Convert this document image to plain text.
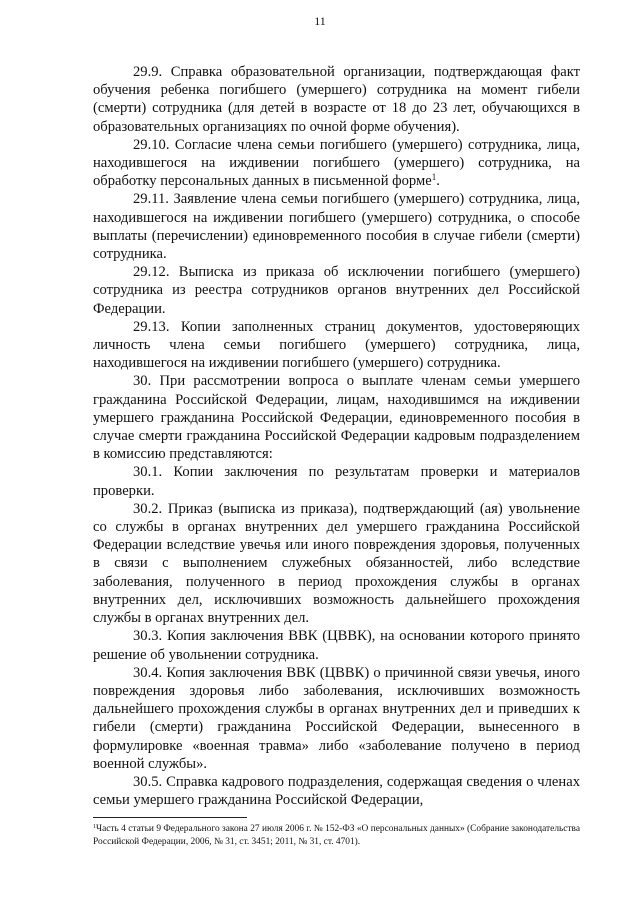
11

29.9. Справка образовательной организации, подтверждающая факт обучения ребенка погибшего (умершего) сотрудника на момент гибели (смерти) сотрудника (для детей в возрасте от 18 до 23 лет, обучающихся в образовательных организациях по очной форме обучения).

29.10. Согласие члена семьи погибшего (умершего) сотрудника, лица, находившегося на иждивении погибшего (умершего) сотрудника, на обработку персональных данных в письменной форме$^1$.

29.11. Заявление члена семьи погибшего (умершего) сотрудника, лица, находившегося на иждивении погибшего (умершего) сотрудника, о способе выплаты (перечислении) единовременного пособия в случае гибели (смерти) сотрудника.

29.12. Выписка из приказа об исключении погибшего (умершего) сотрудника из реестра сотрудников органов внутренних дел Российской Федерации.

29.13. Копии заполненных страниц документов, удостоверяющих личность члена семьи погибшего (умершего) сотрудника, лица, находившегося на иждивении погибшего (умершего) сотрудника.

30. При рассмотрении вопроса о выплате членам семьи умершего гражданина Российской Федерации, лицам, находившимся на иждивении умершего гражданина Российской Федерации, единовременного пособия в случае смерти гражданина Российской Федерации кадровым подразделением в комиссию представляются:

30.1. Копии заключения по результатам проверки и материалов проверки.

30.2. Приказ (выписка из приказа), подтверждающий (ая) увольнение со службы в органах внутренних дел умершего гражданина Российской Федерации вследствие увечья или иного повреждения здоровья, полученных в связи с выполнением служебных обязанностей, либо вследствие заболевания, полученного в период прохождения службы в органах внутренних дел, исключивших возможность дальнейшего прохождения службы в органах внутренних дел.

30.3. Копия заключения ВВК (ЦВВК), на основании которого принято решение об увольнении сотрудника.

30.4. Копия заключения ВВК (ЦВВК) о причинной связи увечья, иного повреждения здоровья либо заболевания, исключивших возможность дальнейшего прохождения службы в органах внутренних дел и приведших к гибели (смерти) гражданина Российской Федерации, вынесенного в формулировке «военная травма» либо «заболевание получено в период военной службы».

30.5. Справка кадрового подразделения, содержащая сведения о членах семьи умершего гражданина Российской Федерации,

$^1$Часть 4 статьи 9 Федерального закона 27 июля 2006 г. № 152-ФЗ «О персональных данных» (Собрание законодательства Российской Федерации, 2006, № 31, ст. 3451; 2011, № 31, ст. 4701).
